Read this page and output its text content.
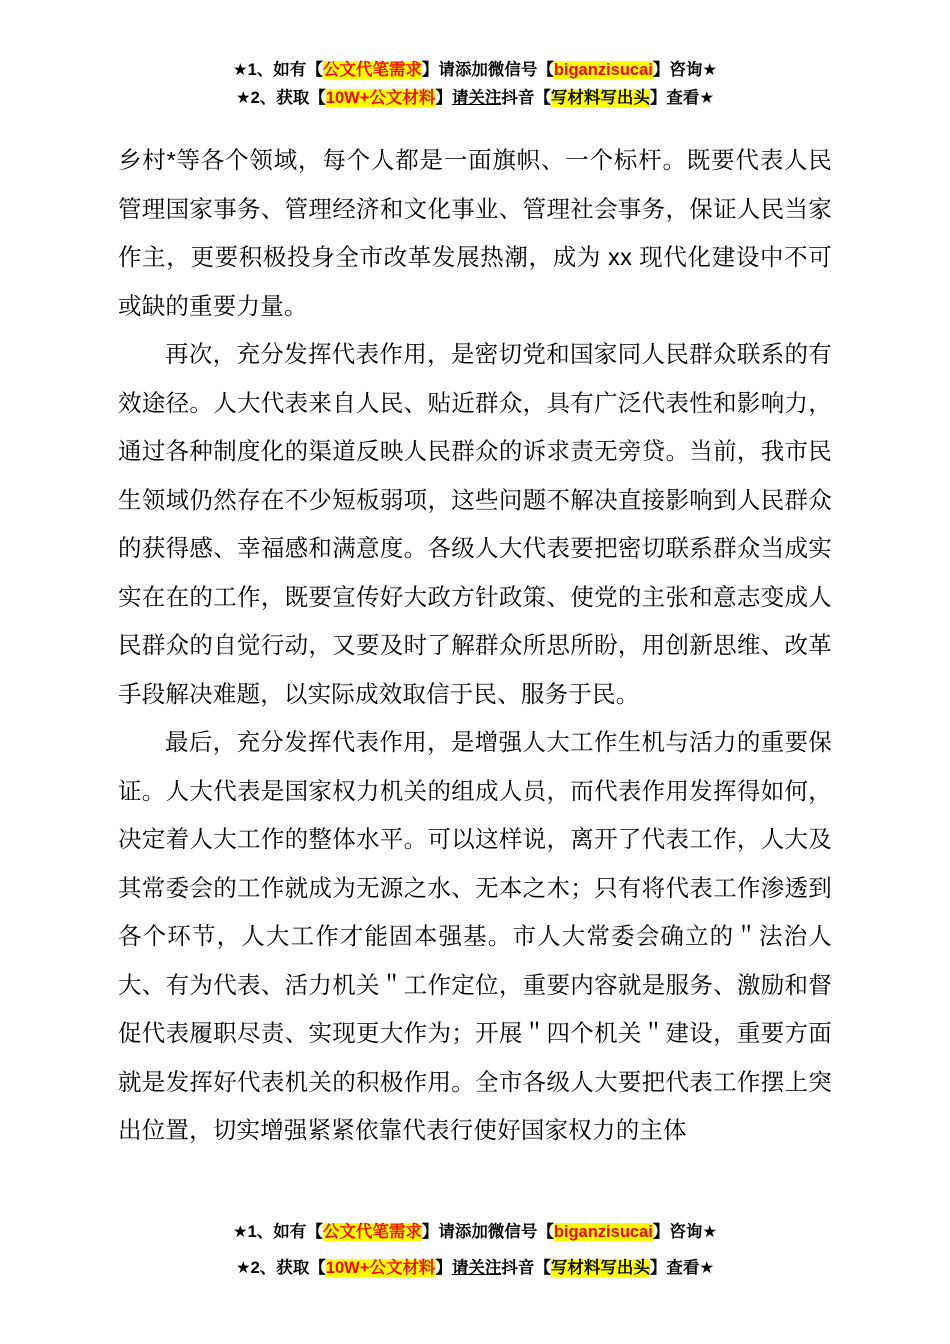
★1、如有【公文代笔需求】请添加微信号【biganzisucai】咨询★
★2、获取【10W+公文材料】请关注抖音【写材料写出头】查看★

乡村*等各个领域，每个人都是一面旗帜、一个标杆。既要代表人民管理国家事务、管理经济和文化事业、管理社会事务，保证人民当家作主，更要积极投身全市改革发展热潮，成为 xx 现代化建设中不可或缺的重要力量。

再次，充分发挥代表作用，是密切党和国家同人民群众联系的有效途径。人大代表来自人民、贴近群众，具有广泛代表性和影响力，通过各种制度化的渠道反映人民群众的诉求责无旁贷。当前，我市民生领域仍然存在不少短板弱项，这些问题不解决直接影响到人民群众的获得感、幸福感和满意度。各级人大代表要把密切联系群众当成实实在在的工作，既要宣传好大政方针政策、使党的主张和意志变成人民群众的自觉行动，又要及时了解群众所思所盼，用创新思维、改革手段解决难题，以实际成效取信于民、服务于民。

最后，充分发挥代表作用，是增强人大工作生机与活力的重要保证。人大代表是国家权力机关的组成人员，而代表作用发挥得如何，决定着人大工作的整体水平。可以这样说，离开了代表工作，人大及其常委会的工作就成为无源之水、无本之木；只有将代表工作渗透到各个环节，人大工作才能固本强基。市人大常委会确立的＂法治人大、有为代表、活力机关＂工作定位，重要内容就是服务、激励和督促代表履职尽责、实现更大作为；开展＂四个机关＂建设，重要方面就是发挥好代表机关的积极作用。全市各级人大要把代表工作摆上突出位置，切实增强紧紧依靠代表行使好国家权力的主体

★1、如有【公文代笔需求】请添加微信号【biganzisucai】咨询★
★2、获取【10W+公文材料】请关注抖音【写材料写出头】查看★
